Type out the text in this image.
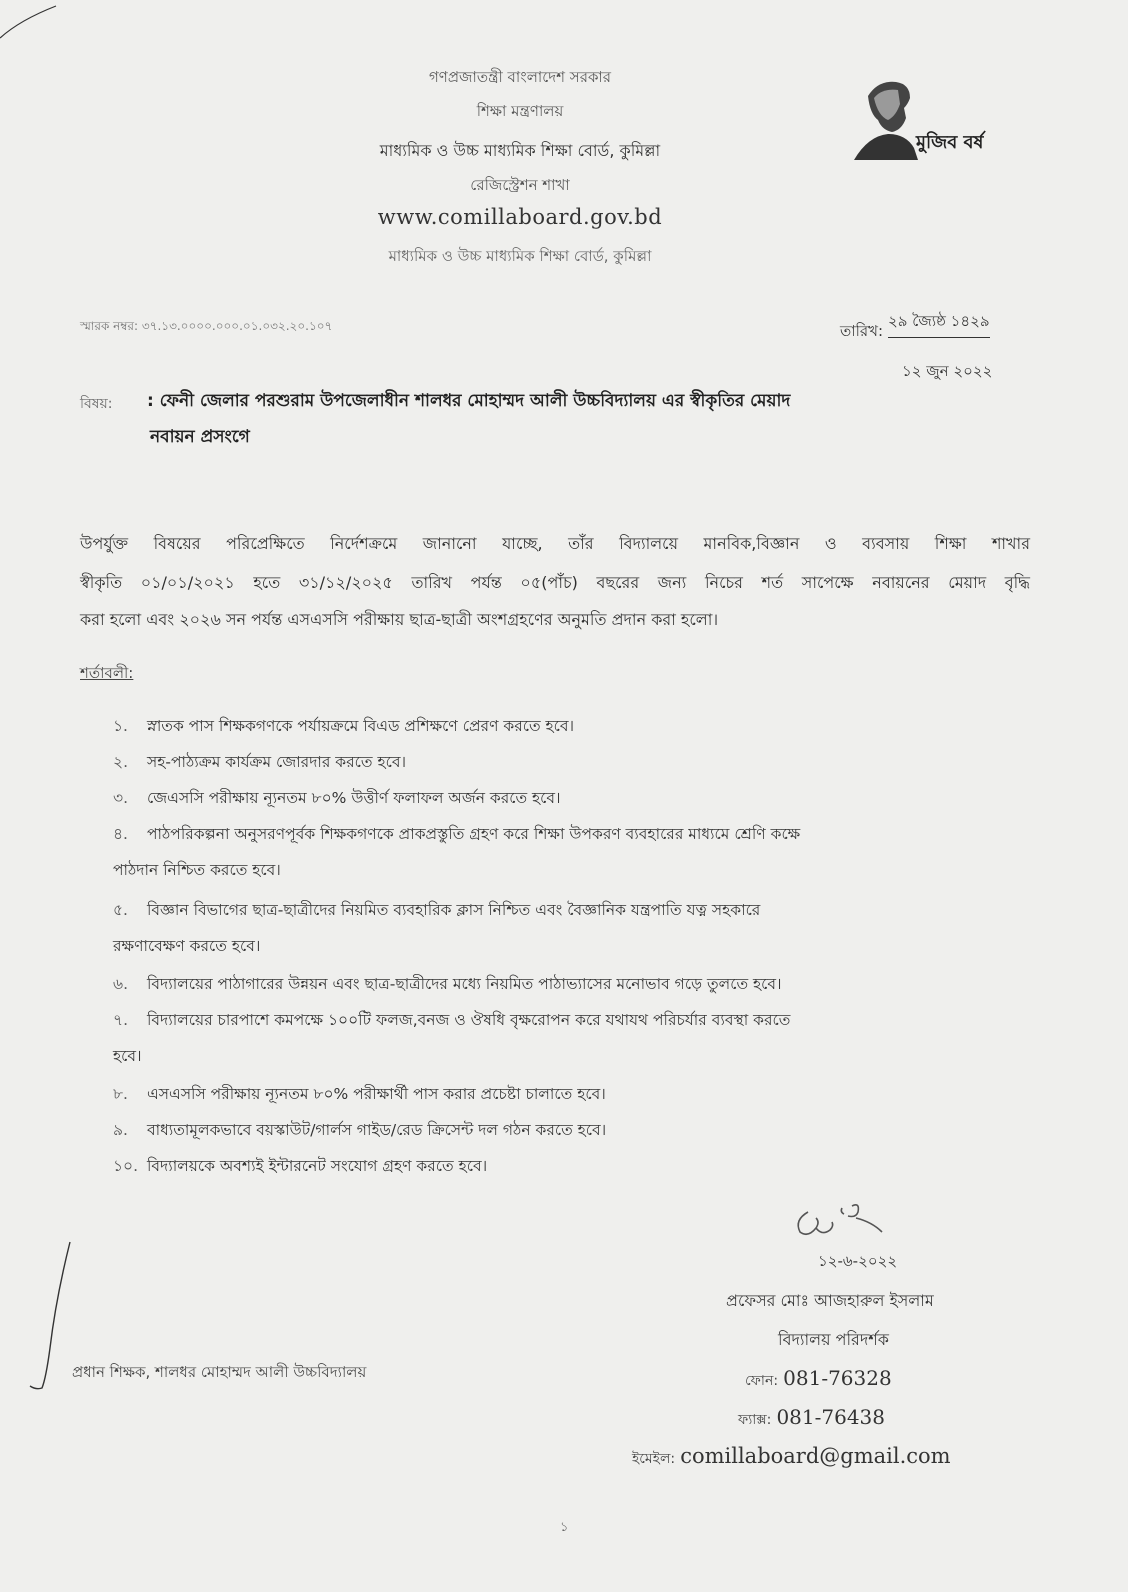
গণপ্রজাতন্ত্রী বাংলাদেশ সরকার
শিক্ষা মন্ত্রণালয়
মাধ্যমিক ও উচ্চ মাধ্যমিক শিক্ষা বোর্ড, কুমিল্লা
রেজিস্ট্রেশন শাখা
www.comillaboard.gov.bd
মাধ্যমিক ও উচ্চ মাধ্যমিক শিক্ষা বোর্ড, কুমিল্লা
মুজিব বর্ষ
স্মারক নম্বর: ৩৭.১৩.০০০০.০০০.০১.০৩২.২০.১০৭	তারিখ:
২৯ জ্যৈষ্ঠ ১৪২৯
১২ জুন ২০২২
বিষয়: : ফেনী জেলার পরশুরাম উপজেলাধীন শালধর মোহাম্মদ আলী উচ্চবিদ্যালয় এর স্বীকৃতির মেয়াদ
নবায়ন প্রসংগে
উপর্যুক্ত বিষয়ের পরিপ্রেক্ষিতে নির্দেশক্রমে জানানো যাচ্ছে, তাঁর বিদ্যালয়ে মানবিক,বিজ্ঞান ও ব্যবসায় শিক্ষা শাখার
স্বীকৃতি ০১/০১/২০২১ হতে ৩১/১২/২০২৫ তারিখ পর্যন্ত ০৫(পাঁচ) বছরের জন্য নিচের শর্ত সাপেক্ষে নবায়নের মেয়াদ বৃদ্ধি
করা হলো এবং ২০২৬ সন পর্যন্ত এসএসসি পরীক্ষায় ছাত্র-ছাত্রী অংশগ্রহণের অনুমতি প্রদান করা হলো।
শর্তাবলী:
১. স্নাতক পাস শিক্ষকগণকে পর্যায়ক্রমে বিএড প্রশিক্ষণে প্রেরণ করতে হবে।
২. সহ-পাঠ্যক্রম কার্যক্রম জোরদার করতে হবে।
৩. জেএসসি পরীক্ষায় ন্যূনতম ৮০% উত্তীর্ণ ফলাফল অর্জন করতে হবে।
৪. পাঠপরিকল্পনা অনুসরণপূর্বক শিক্ষকগণকে প্রাকপ্রস্তুতি গ্রহণ করে শিক্ষা উপকরণ ব্যবহারের মাধ্যমে শ্রেণি কক্ষে
পাঠদান নিশ্চিত করতে হবে।
৫. বিজ্ঞান বিভাগের ছাত্র-ছাত্রীদের নিয়মিত ব্যবহারিক ক্লাস নিশ্চিত এবং বৈজ্ঞানিক যন্ত্রপাতি যত্ন সহকারে
রক্ষণাবেক্ষণ করতে হবে।
৬. বিদ্যালয়ের পাঠাগারের উন্নয়ন এবং ছাত্র-ছাত্রীদের মধ্যে নিয়মিত পাঠাভ্যাসের মনোভাব গড়ে তুলতে হবে।
৭. বিদ্যালয়ের চারপাশে কমপক্ষে ১০০টি ফলজ,বনজ ও ঔষধি বৃক্ষরোপন করে যথাযথ পরিচর্যার ব্যবস্থা করতে
হবে।
৮. এসএসসি পরীক্ষায় ন্যূনতম ৮০% পরীক্ষার্থী পাস করার প্রচেষ্টা চালাতে হবে।
৯. বাধ্যতামূলকভাবে বয়স্কাউট/গার্লস গাইড/রেড ক্রিসেন্ট দল গঠন করতে হবে।
১০. বিদ্যালয়কে অবশ্যই ইন্টারনেট সংযোগ গ্রহণ করতে হবে।
১২-৬-২০২২
প্রফেসর মোঃ আজহারুল ইসলাম
বিদ্যালয় পরিদর্শক
ফোন: 081-76328
ফ্যাক্স: 081-76438
ইমেইল: comillaboard@gmail.com
প্রধান শিক্ষক, শালধর মোহাম্মদ আলী উচ্চবিদ্যালয়
১
